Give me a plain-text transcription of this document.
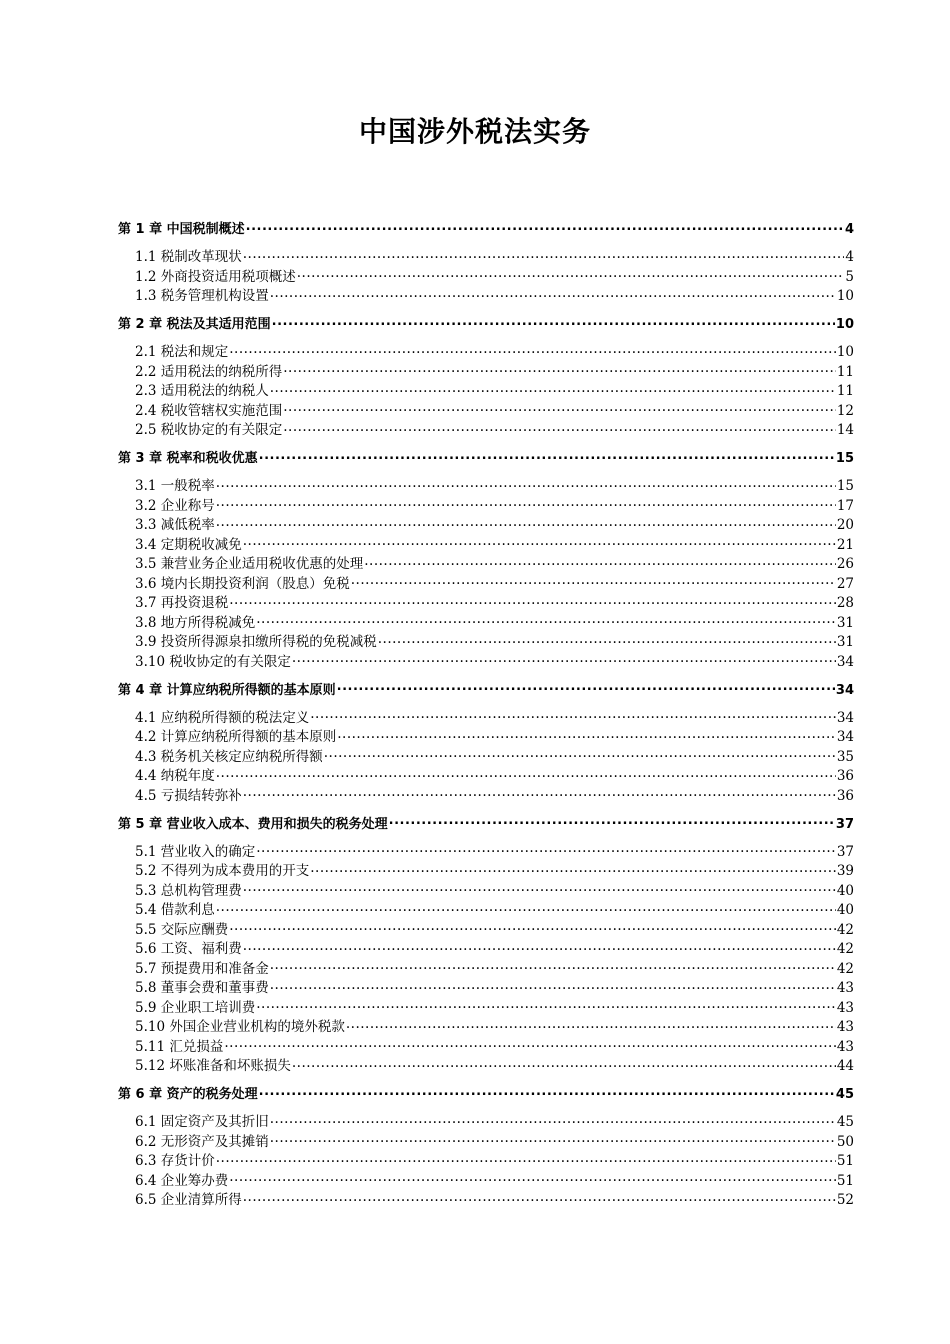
中国涉外税法实务
第 1 章 中国税制概述 .....	4
1.1 税制改革现状 .....	4
1.2 外商投资适用税项概述 .....	5
1.3 税务管理机构设置 .....	10
第 2 章 税法及其适用范围 .....	10
2.1 税法和规定 .....	10
2.2 适用税法的纳税所得 .....	11
2.3 适用税法的纳税人 .....	11
2.4 税收管辖权实施范围 .....	12
2.5 税收协定的有关限定 .....	14
第 3 章 税率和税收优惠 .....	15
3.1 一般税率 .....	15
3.2 企业称号 .....	17
3.3 减低税率 .....	20
3.4 定期税收减免 .....	21
3.5 兼营业务企业适用税收优惠的处理 .....	26
3.6 境内长期投资利润（股息）免税 .....	27
3.7 再投资退税 .....	28
3.8 地方所得税减免 .....	31
3.9 投资所得源泉扣缴所得税的免税减税 .....	31
3.10 税收协定的有关限定 .....	34
第 4 章 计算应纳税所得额的基本原则 .....	34
4.1 应纳税所得额的税法定义 .....	34
4.2 计算应纳税所得额的基本原则 .....	34
4.3 税务机关核定应纳税所得额 .....	35
4.4 纳税年度 .....	36
4.5 亏损结转弥补 .....	36
第 5 章 营业收入成本、费用和损失的税务处理 .....	37
5.1 营业收入的确定 .....	37
5.2 不得列为成本费用的开支 .....	39
5.3 总机构管理费 .....	40
5.4 借款利息 .....	40
5.5 交际应酬费 .....	42
5.6 工资、福利费 .....	42
5.7 预提费用和准备金 .....	42
5.8 董事会费和董事费 .....	43
5.9 企业职工培训费 .....	43
5.10 外国企业营业机构的境外税款 .....	43
5.11 汇兑损益 .....	43
5.12 坏账准备和坏账损失 .....	44
第 6 章 资产的税务处理 .....	45
6.1 固定资产及其折旧 .....	45
6.2 无形资产及其摊销 .....	50
6.3 存货计价 .....	51
6.4 企业筹办费 .....	51
6.5 企业清算所得 .....	52
